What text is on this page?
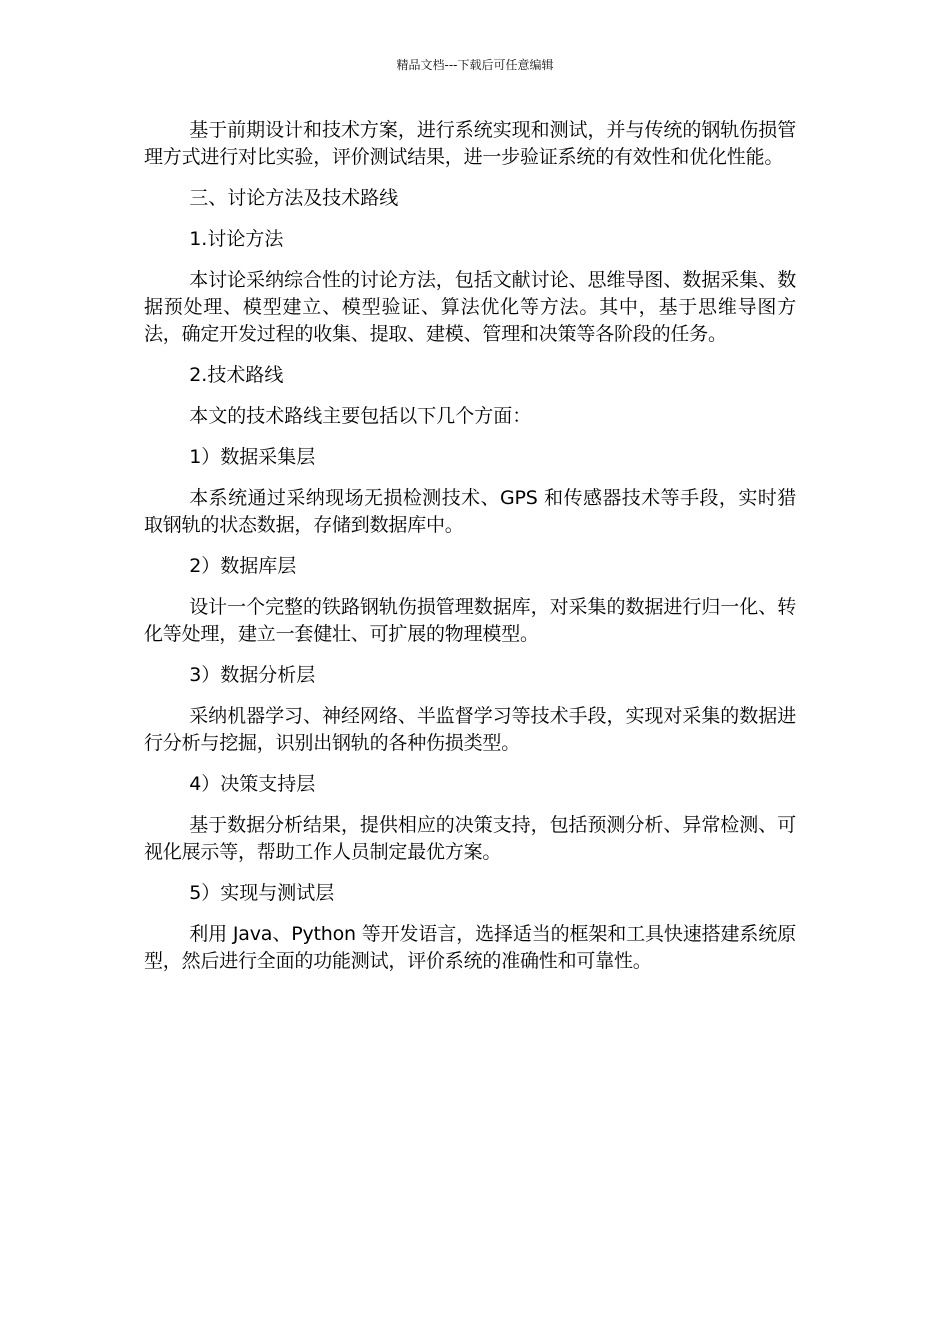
精品文档---下载后可任意编辑

基于前期设计和技术方案，进行系统实现和测试，并与传统的钢轨伤损管理方式进行对比实验，评价测试结果，进一步验证系统的有效性和优化性能。

三、讨论方法及技术路线

1.讨论方法

本讨论采纳综合性的讨论方法，包括文献讨论、思维导图、数据采集、数据预处理、模型建立、模型验证、算法优化等方法。其中，基于思维导图方法，确定开发过程的收集、提取、建模、管理和决策等各阶段的任务。

2.技术路线

本文的技术路线主要包括以下几个方面：

1）数据采集层

本系统通过采纳现场无损检测技术、GPS 和传感器技术等手段，实时猎取钢轨的状态数据，存储到数据库中。

2）数据库层

设计一个完整的铁路钢轨伤损管理数据库，对采集的数据进行归一化、转化等处理，建立一套健壮、可扩展的物理模型。

3）数据分析层

采纳机器学习、神经网络、半监督学习等技术手段，实现对采集的数据进行分析与挖掘，识别出钢轨的各种伤损类型。

4）决策支持层

基于数据分析结果，提供相应的决策支持，包括预测分析、异常检测、可视化展示等，帮助工作人员制定最优方案。

5）实现与测试层

利用 Java、Python 等开发语言，选择适当的框架和工具快速搭建系统原型，然后进行全面的功能测试，评价系统的准确性和可靠性。
